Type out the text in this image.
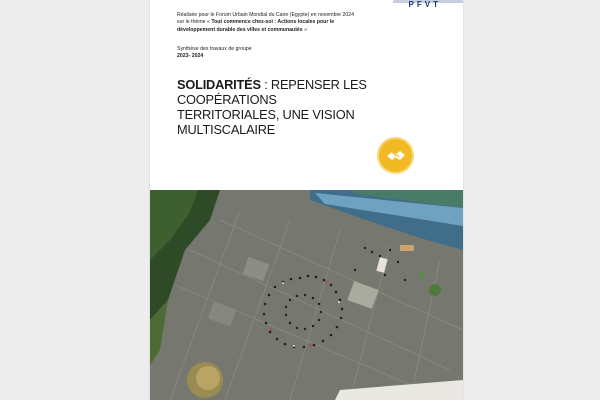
PFVT
Réalisée pour le Forum Urbain Mondial du Caire (Egypte) en novembre 2024
sur le thème « Tout commence chez-soi : Actions locales pour le
développement durable des villes et communautés »
Synthèse des travaux de groupe
2023- 2024
SOLIDARITÉS : REPENSER LES COOPÉRATIONS
TERRITORIALES, UNE VISION MULTISCALAIRE
